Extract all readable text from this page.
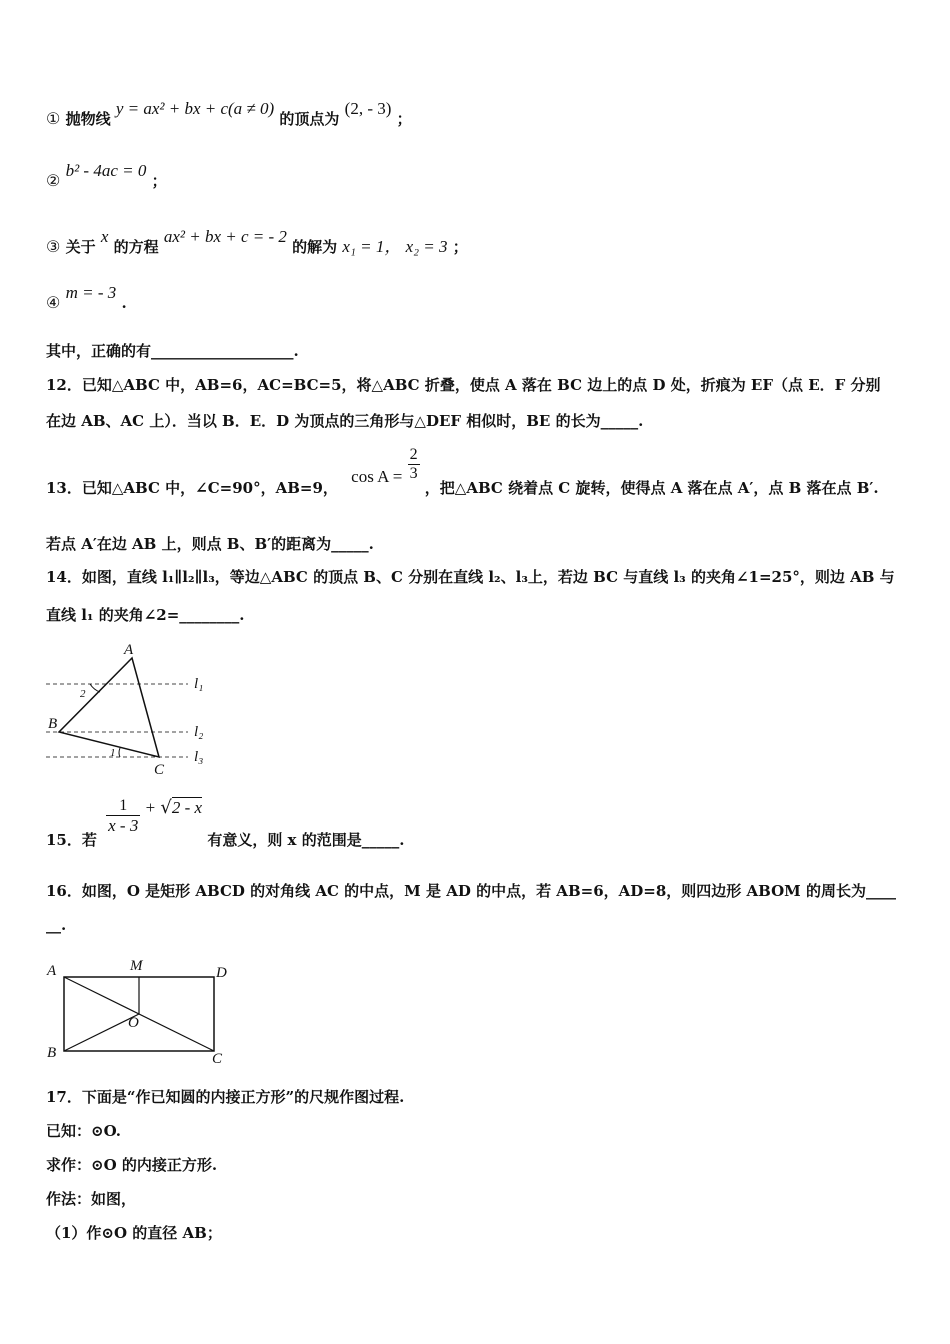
① 抛物线 y = ax² + bx + c(a ≠ 0) 的顶点为 (2, - 3) ；
② b² - 4ac = 0 ；
③ 关于 x 的方程 ax² + bx + c = - 2 的解为 x₁ = 1， x₂ = 3 ；
④ m = - 3 .
其中，正确的有___________________.
12．已知△ABC 中，AB=6，AC=BC=5，将△ABC 折叠，使点 A 落在 BC 边上的点 D 处，折痕为 EF（点 E．F 分别
在边 AB、AC 上）．当以 B．E．D 为顶点的三角形与△DEF 相似时，BE 的长为_____.
13．已知△ABC 中，∠C=90°，AB=9， $\cos A = \frac{2}{3}$
，把△ABC 绕着点 C 旋转，使得点 A 落在点 A′，点 B 落在点 B′.
若点 A′在边 AB 上，则点 B、B′的距离为_____.
14．如图，直线 l₁∥l₂∥l₃，等边△ABC 的顶点 B、C 分别在直线 l₂、l₃上，若边 BC 与直线 l₃ 的夹角∠1=25°，则边 AB 与
直线 l₁ 的夹角∠2=________.
A
B
C
l₁
l₂
l₃
1
2
15．若
$\frac{1}{x - 3} + √2 - x$ 有意义，则 x 的范围是_____.
16．如图，O 是矩形 ABCD 的对角线 AC 的中点，M 是 AD 的中点，若 AB=6，AD=8，则四边形 ABOM 的周长为____
__.
A	M	D
O
B	C
17．下面是“作已知圆的内接正方形”的尺规作图过程.
已知：⊙O.
求作：⊙O 的内接正方形.
作法：如图，
（1）作⊙O 的直径 AB；
